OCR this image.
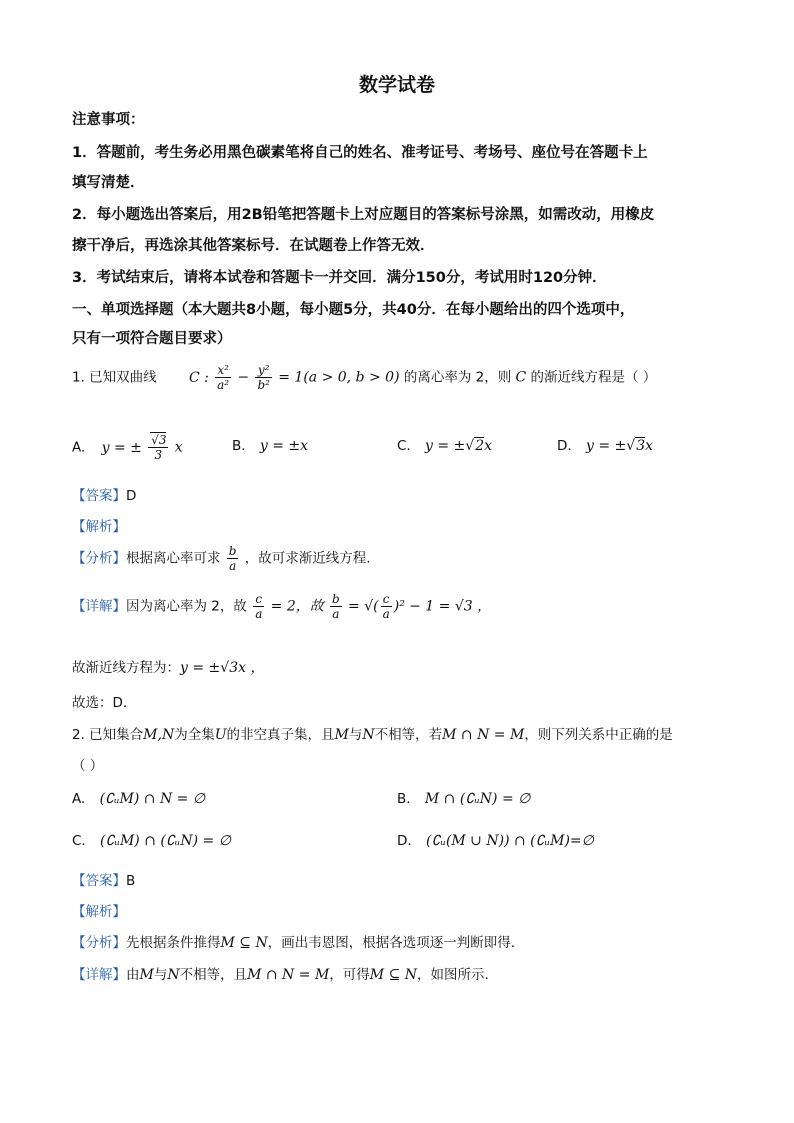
数学试卷
注意事项：
1．答题前，考生务必用黑色碳素笔将自己的姓名、准考证号、考场号、座位号在答题卡上
填写清楚．
2．每小题选出答案后，用2B铅笔把答题卡上对应题目的答案标号涂黑，如需改动，用橡皮
擦干净后，再选涂其他答案标号．在试题卷上作答无效．
3．考试结束后，请将本试卷和答题卡一并交回．满分150分，考试用时120分钟．
一、单项选择题（本大题共8小题，每小题5分，共40分．在每小题给出的四个选项中，
只有一项符合题目要求）
1. 已知双曲线 C : $\frac{\text{x²}}{\text{a²}} - \frac{\text{y²}}{\text{b²}} = 1(a > 0$, b > 0) 的离心率为 2，则 C 的渐近线方程是（ ）
A. y = ± $\frac{√3}{3}$ x	B. y = ±x	C. y = ±√2x	D. y = ±√3x
【答案】D
【解析】
【分析】根据离心率可求 $\frac{b}{a}$ ，故可求渐近线方程.
【详解】因为离心率为 2，故 $\frac{c}{a} = 2$，故 $\frac{b}{a}$ = √( $\frac{c}{a} )^2 - 1 = √3$ ，
故渐近线方程为：y = ±√3x ，
故选：D.
2. 已知集合M,N为全集U的非空真子集，且M与N不相等，若M ∩ N = M，则下列关系中正确的是
（ ）
A. (∁ᵤM) ∩ N = ∅	B. M ∩ (∁ᵤN) = ∅
C. (∁ᵤM) ∩ (∁ᵤN) = ∅	D. (∁ᵤ(M ∪ N)) ∩ (∁ᵤM)=∅
【答案】B
【解析】
【分析】先根据条件推得M ⊆ N，画出韦恩图，根据各选项逐一判断即得.
【详解】由M与N不相等，且M ∩ N = M，可得M ⊆ N，如图所示.
